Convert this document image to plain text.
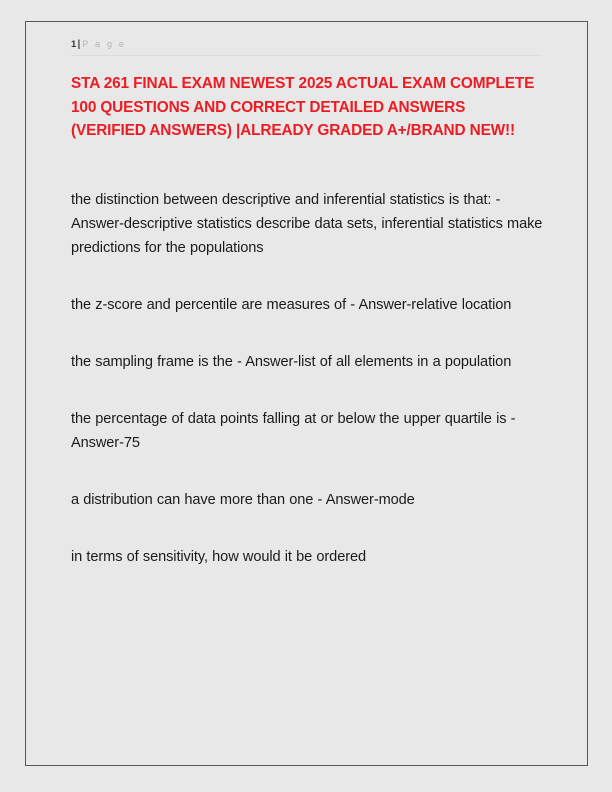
1| P a g e
STA 261 FINAL EXAM NEWEST 2025 ACTUAL EXAM COMPLETE 100 QUESTIONS AND CORRECT DETAILED ANSWERS (VERIFIED ANSWERS) |ALREADY GRADED A+/BRAND NEW!!

the distinction between descriptive and inferential statistics is that: - Answer-descriptive statistics describe data sets, inferential statistics make predictions for the populations

the z-score and percentile are measures of - Answer-relative location

the sampling frame is the - Answer-list of all elements in a population

the percentage of data points falling at or below the upper quartile is - Answer-75

a distribution can have more than one - Answer-mode

in terms of sensitivity, how would it be ordered
